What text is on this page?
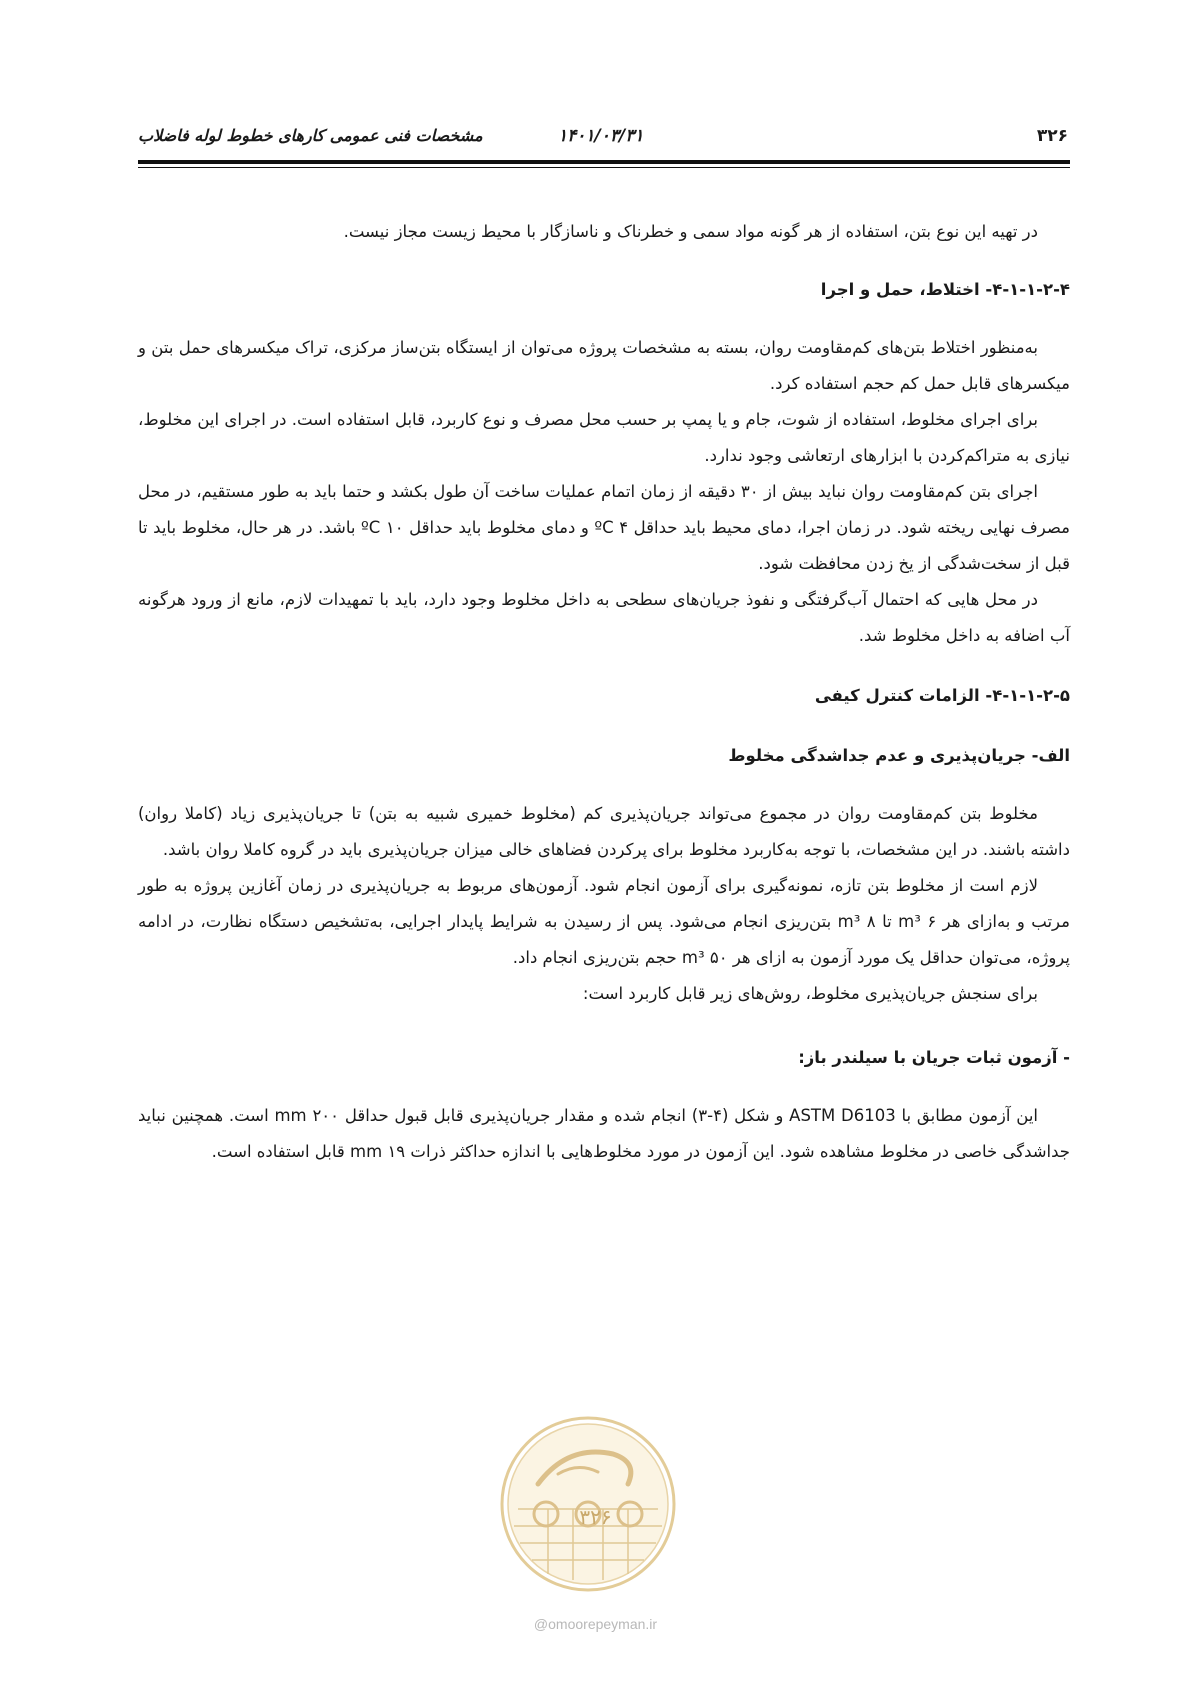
۳۲۶
۱۴۰۱/۰۳/۳۱
مشخصات فنی عمومی کارهای خطوط لوله فاضلاب

در تهیه این نوع بتن، استفاده از هر گونه مواد سمی و خطرناک و ناسازگار با محیط زیست مجاز نیست.

۴-۱-۱-۲-۴- اختلاط، حمل و اجرا

به‌منظور اختلاط بتن‌های کم‌مقاومت روان، بسته به مشخصات پروژه می‌توان از ایستگاه بتن‌ساز مرکزی، تراک میکسرهای حمل بتن و میکسرهای قابل حمل کم حجم استفاده کرد.

برای اجرای مخلوط، استفاده از شوت، جام و یا پمپ بر حسب محل مصرف و نوع کاربرد، قابل استفاده است. در اجرای این مخلوط، نیازی به متراکم‌کردن با ابزارهای ارتعاشی وجود ندارد.

اجرای بتن کم‌مقاومت روان نباید بیش از ۳۰ دقیقه از زمان اتمام عملیات ساخت آن طول بکشد و حتما باید به طور مستقیم، در محل مصرف نهایی ریخته شود. در زمان اجرا، دمای محیط باید حداقل ۴ ºC و دمای مخلوط باید حداقل ۱۰ ºC باشد. در هر حال، مخلوط باید تا قبل از سخت‌شدگی از یخ زدن محافظت شود.

در محل هایی که احتمال آب‌گرفتگی و نفوذ جریان‌های سطحی به داخل مخلوط وجود دارد، باید با تمهیدات لازم، مانع از ورود هرگونه آب اضافه به داخل مخلوط شد.

۴-۱-۱-۲-۵- الزامات کنترل کیفی
الف- جریان‌پذیری و عدم جداشدگی مخلوط

مخلوط بتن کم‌مقاومت روان در مجموع می‌تواند جریان‌پذیری کم (مخلوط خمیری شبیه به بتن) تا جریان‌پذیری زیاد (کاملا روان) داشته باشند. در این مشخصات، با توجه به‌کاربرد مخلوط برای پرکردن فضاهای خالی میزان جریان‌پذیری باید در گروه کاملا روان باشد.

لازم است از مخلوط بتن تازه، نمونه‌گیری برای آزمون انجام شود. آزمون‌های مربوط به جریان‌پذیری در زمان آغازین پروژه به طور مرتب و به‌ازای هر ۶ m³ تا ۸ m³ بتن‌ریزی انجام می‌شود. پس از رسیدن به شرایط پایدار اجرایی، به‌تشخیص دستگاه نظارت، در ادامه پروژه، می‌توان حداقل یک مورد آزمون به ازای هر ۵۰ m³ حجم بتن‌ریزی انجام داد.

برای سنجش جریان‌پذیری مخلوط، روش‌های زیر قابل کاربرد است:

- آزمون ثبات جریان با سیلندر باز:

این آزمون مطابق با ASTM D6103 و شکل (۴-۳) انجام شده و مقدار جریان‌پذیری قابل قبول حداقل ۲۰۰ mm است. همچنین نباید جداشدگی خاصی در مخلوط مشاهده شود. این آزمون در مورد مخلوط‌هایی با اندازه حداکثر ذرات ۱۹ mm قابل استفاده است.

۳۲۶
@omoorepeyman.ir
